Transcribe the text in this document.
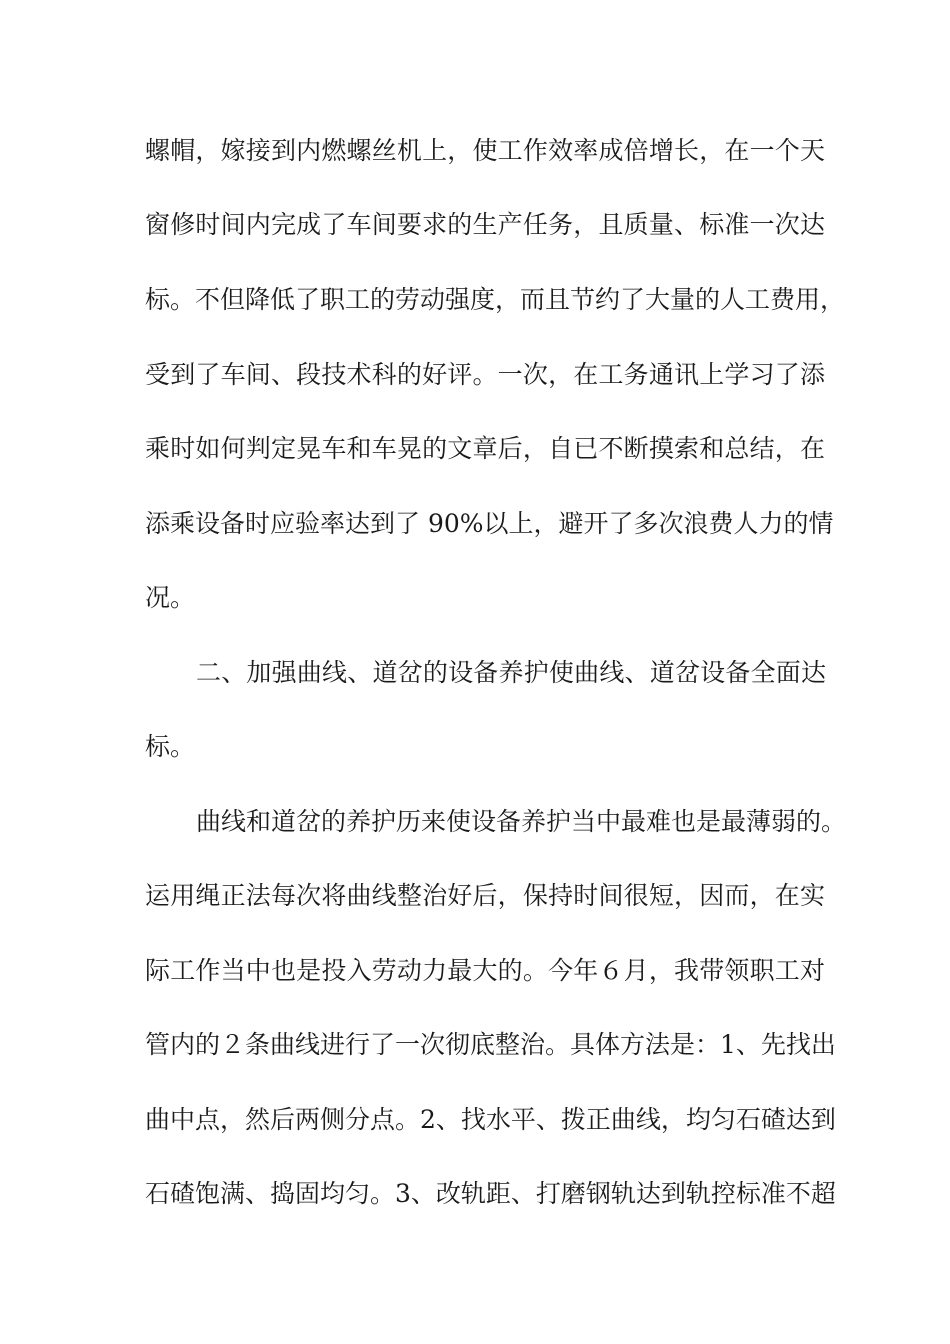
螺帽，嫁接到内燃螺丝机上，使工作效率成倍增长，在一个天
窗修时间内完成了车间要求的生产任务，且质量、标准一次达
标。不但降低了职工的劳动强度，而且节约了大量的人工费用，
受到了车间、段技术科的好评。一次，在工务通讯上学习了添
乘时如何判定晃车和车晃的文章后，自已不断摸索和总结，在
添乘设备时应验率达到了 90%以上，避开了多次浪费人力的情
况。
二、加强曲线、道岔的设备养护使曲线、道岔设备全面达
标。
曲线和道岔的养护历来使设备养护当中最难也是最薄弱的。
运用绳正法每次将曲线整治好后，保持时间很短，因而，在实
际工作当中也是投入劳动力最大的。今年６月，我带领职工对
管内的２条曲线进行了一次彻底整治。具体方法是：1、先找出
曲中点，然后两侧分点。2、找水平、拨正曲线，均匀石碴达到
石碴饱满、捣固均匀。3、改轨距、打磨钢轨达到轨控标准不超
